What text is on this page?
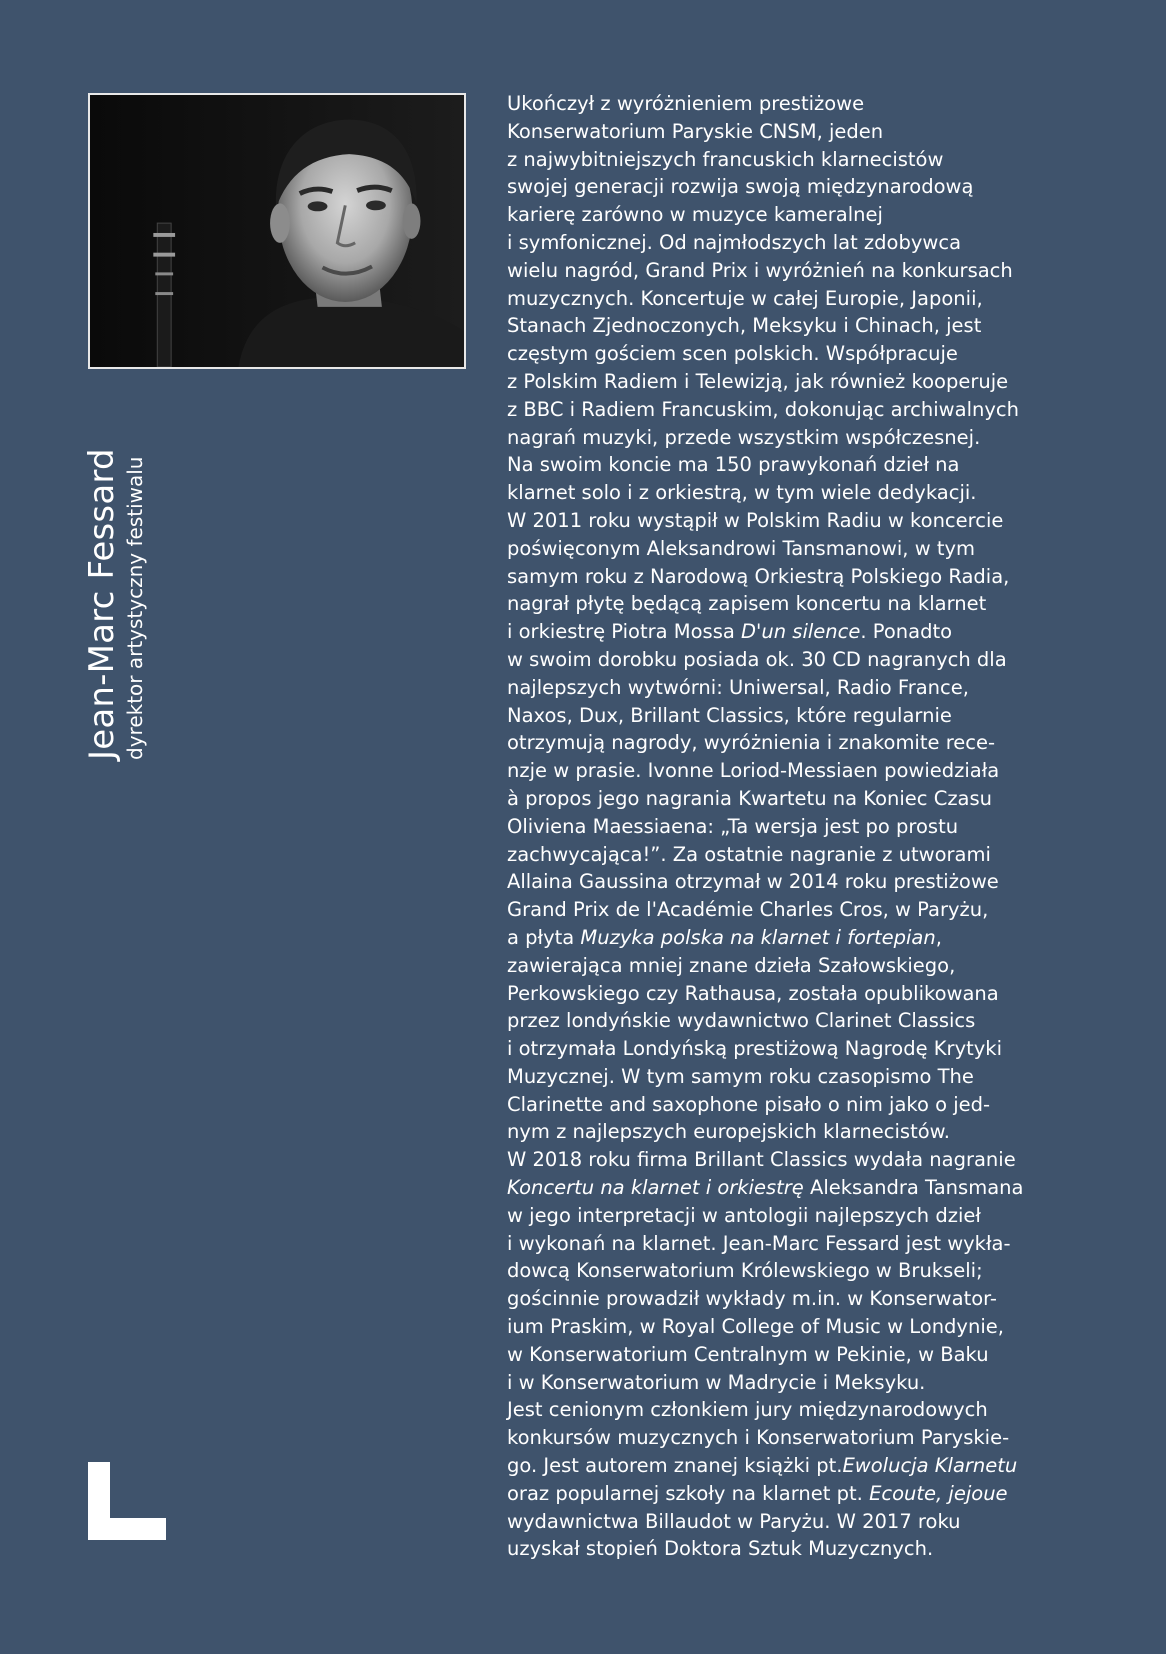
Jean-Marc Fessard dyrektor artystyczny festiwalu
Ukończył z wyróżnieniem prestiżowe
Konserwatorium Paryskie CNSM, jeden
z najwybitniejszych francuskich klarnecistów
swojej generacji rozwija swoją międzynarodową
karierę zarówno w muzyce kameralnej
i symfonicznej. Od najmłodszych lat zdobywca
wielu nagród, Grand Prix i wyróżnień na konkursach
muzycznych. Koncertuje w całej Europie, Japonii,
Stanach Zjednoczonych, Meksyku i Chinach, jest
częstym gościem scen polskich. Współpracuje
z Polskim Radiem i Telewizją, jak również kooperuje
z BBC i Radiem Francuskim, dokonując archiwalnych
nagrań muzyki, przede wszystkim współczesnej.
Na swoim koncie ma 150 prawykonań dzieł na
klarnet solo i z orkiestrą, w tym wiele dedykacji.
W 2011 roku wystąpił w Polskim Radiu w koncercie
poświęconym Aleksandrowi Tansmanowi, w tym
samym roku z Narodową Orkiestrą Polskiego Radia,
nagrał płytę będącą zapisem koncertu na klarnet
i orkiestrę Piotra Mossa D'un silence. Ponadto
w swoim dorobku posiada ok. 30 CD nagranych dla
najlepszych wytwórni: Uniwersal, Radio France,
Naxos, Dux, Brillant Classics, które regularnie
otrzymują nagrody, wyróżnienia i znakomite rece-
nzje w prasie. Ivonne Loriod-Messiaen powiedziała
à propos jego nagrania Kwartetu na Koniec Czasu
Oliviena Maessiaena: „Ta wersja jest po prostu
zachwycająca!”. Za ostatnie nagranie z utworami
Allaina Gaussina otrzymał w 2014 roku prestiżowe
Grand Prix de l'Académie Charles Cros, w Paryżu,
a płyta Muzyka polska na klarnet i fortepian,
zawierająca mniej znane dzieła Szałowskiego,
Perkowskiego czy Rathausa, została opublikowana
przez londyńskie wydawnictwo Clarinet Classics
i otrzymała Londyńską prestiżową Nagrodę Krytyki
Muzycznej. W tym samym roku czasopismo The
Clarinette and saxophone pisało o nim jako o jed-
nym z najlepszych europejskich klarnecistów.
W 2018 roku firma Brillant Classics wydała nagranie
Koncertu na klarnet i orkiestrę Aleksandra Tansmana
w jego interpretacji w antologii najlepszych dzieł
i wykonań na klarnet. Jean-Marc Fessard jest wykła-
dowcą Konserwatorium Królewskiego w Brukseli;
gościnnie prowadził wykłady m.in. w Konserwator-
ium Praskim, w Royal College of Music w Londynie,
w Konserwatorium Centralnym w Pekinie, w Baku
i w Konserwatorium w Madrycie i Meksyku.
Jest cenionym członkiem jury międzynarodowych
konkursów muzycznych i Konserwatorium Paryskie-
go. Jest autorem znanej książki pt.Ewolucja Klarnetu
oraz popularnej szkoły na klarnet pt. Ecoute, jejoue
wydawnictwa Billaudot w Paryżu. W 2017 roku
uzyskał stopień Doktora Sztuk Muzycznych.
